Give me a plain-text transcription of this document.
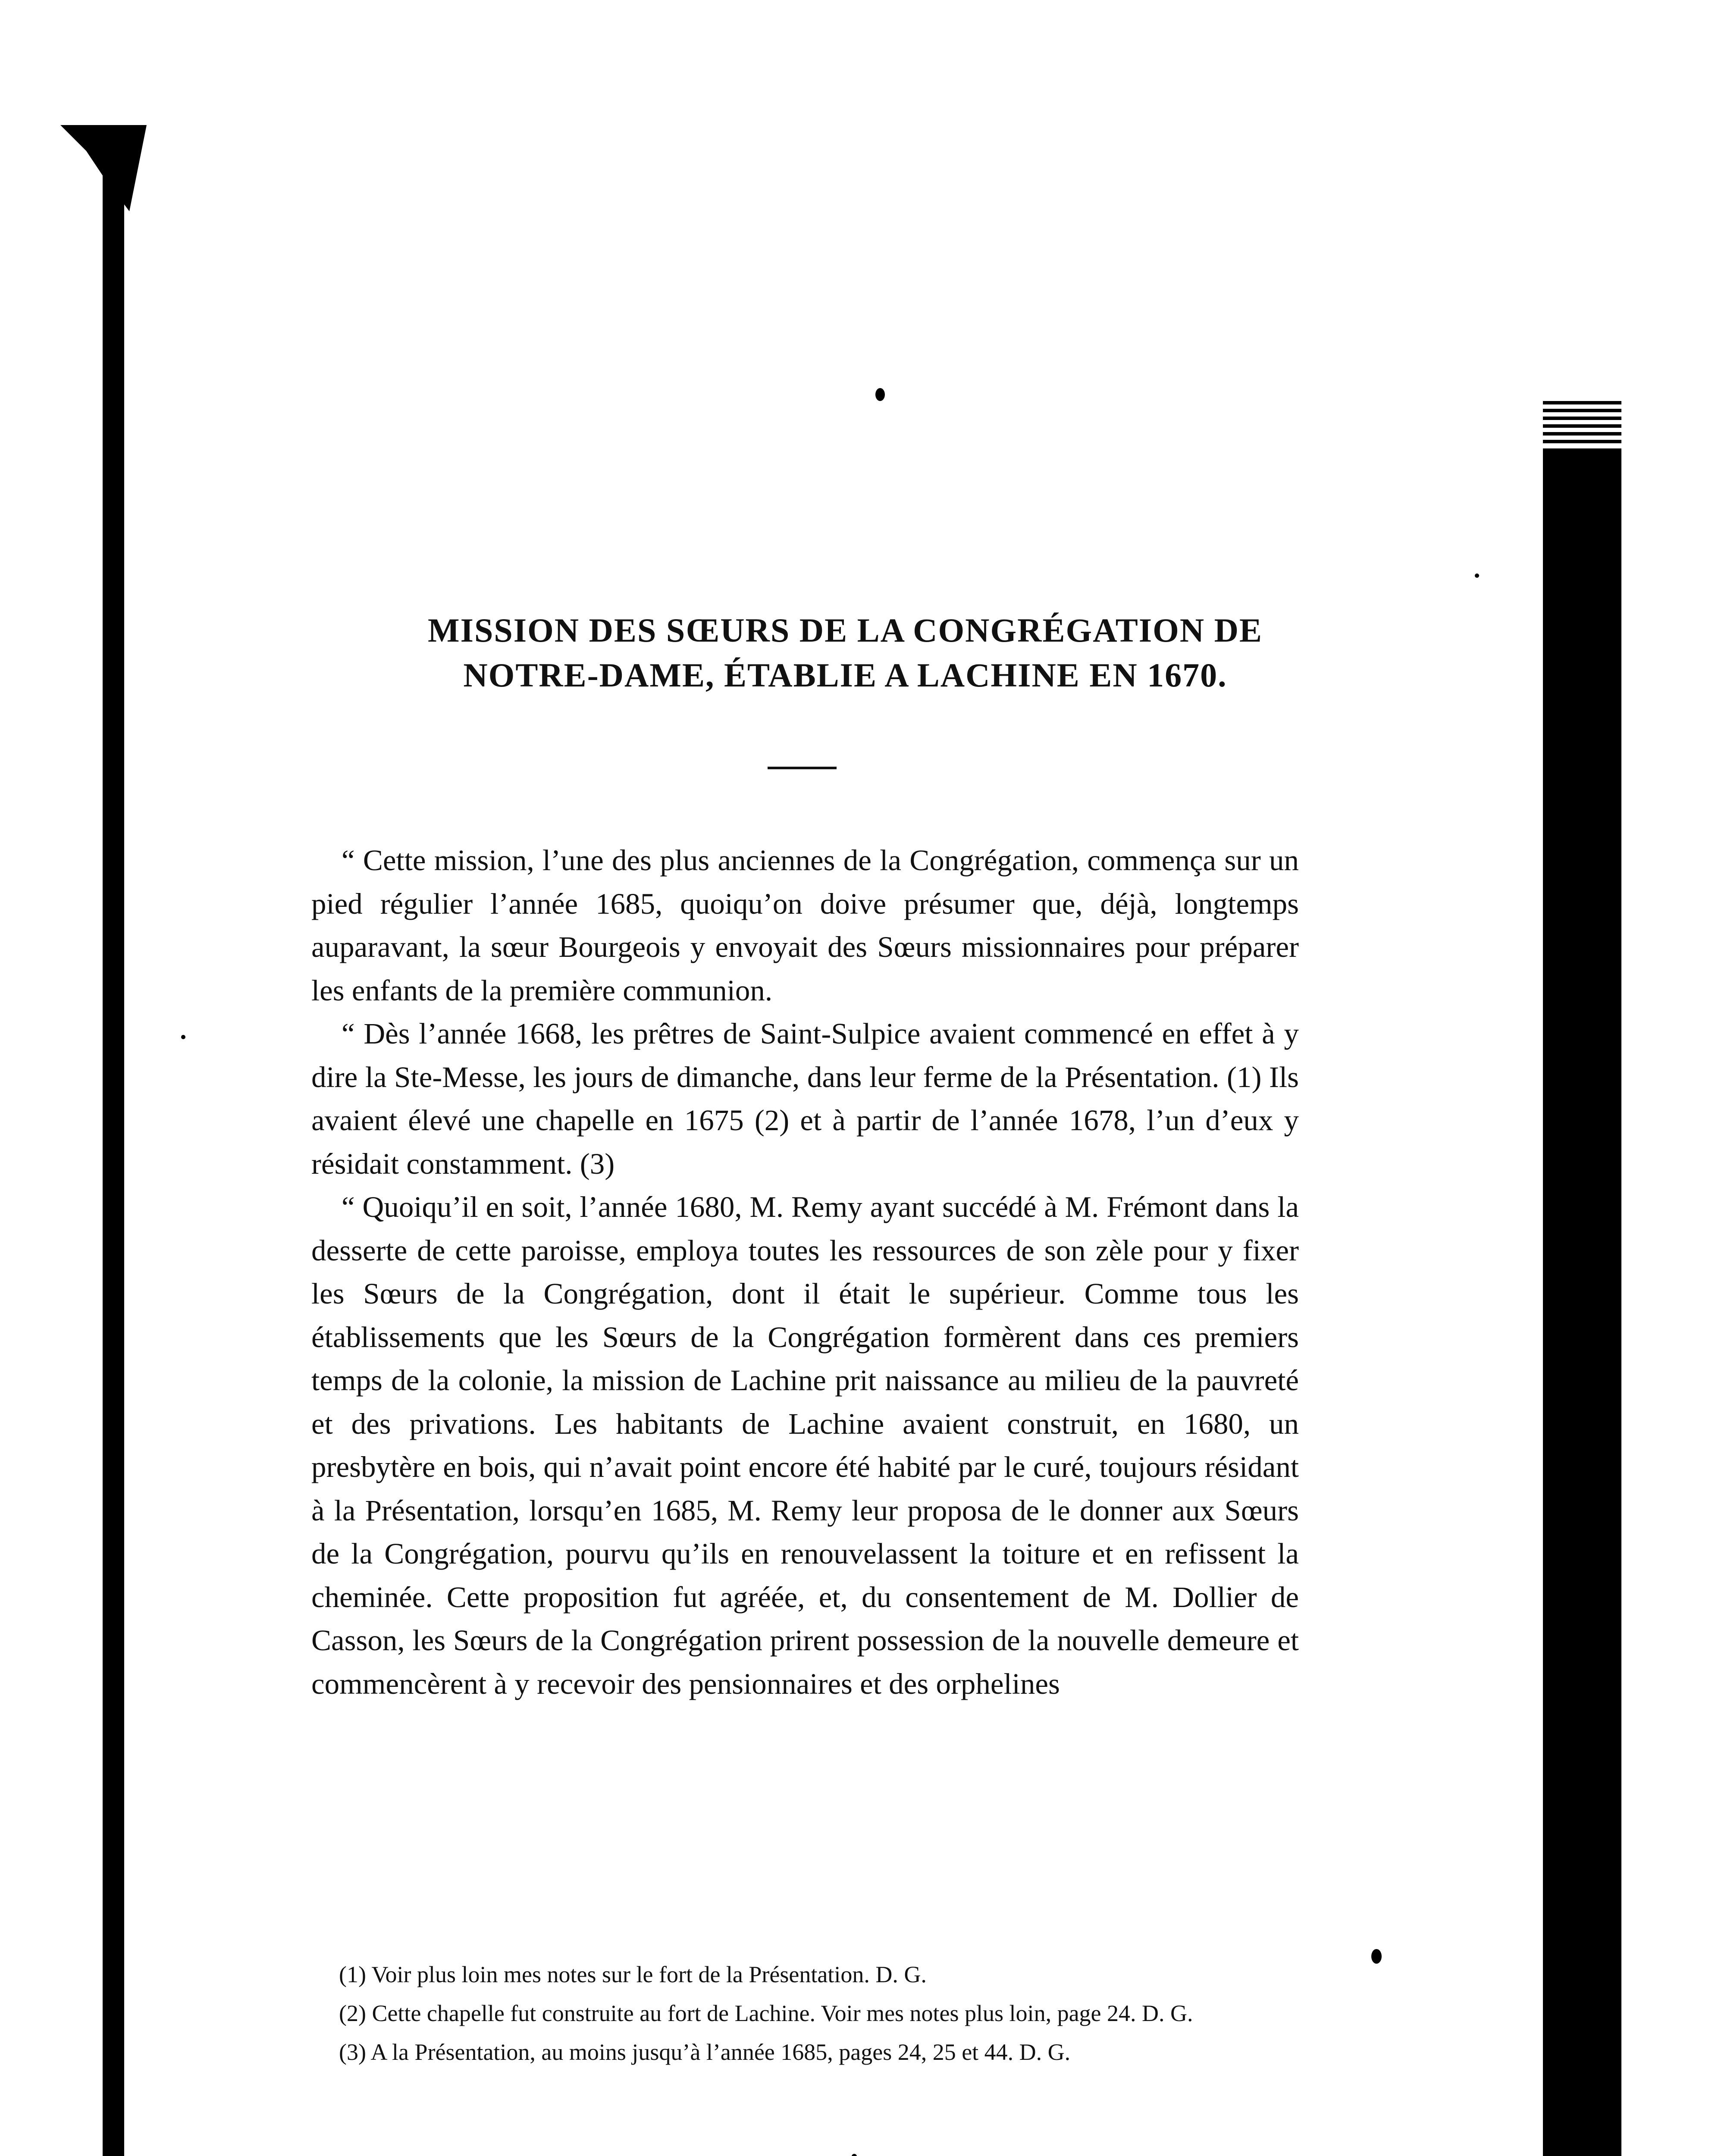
MISSION DES SŒURS DE LA CONGRÉGATION DE
NOTRE-DAME, ÉTABLIE A LACHINE EN 1670.

“ Cette mission, l’une des plus anciennes de la Congrégation, commença sur un pied régulier l’année 1685, quoiqu’on doive présumer que, déjà, longtemps auparavant, la sœur Bourgeois y envoyait des Sœurs missionnaires pour préparer les enfants de la première communion.

“ Dès l’année 1668, les prêtres de Saint-Sulpice avaient commencé en effet à y dire la Ste-Messe, les jours de dimanche, dans leur ferme de la Présentation. (1) Ils avaient élevé une chapelle en 1675 (2) et à partir de l’année 1678, l’un d’eux y résidait constamment. (3)

“ Quoiqu’il en soit, l’année 1680, M. Remy ayant succédé à M. Frémont dans la desserte de cette paroisse, employa toutes les ressources de son zèle pour y fixer les Sœurs de la Congrégation, dont il était le supérieur. Comme tous les établissements que les Sœurs de la Congrégation formèrent dans ces premiers temps de la colonie, la mission de Lachine prit naissance au milieu de la pauvreté et des privations. Les habitants de Lachine avaient construit, en 1680, un presbytère en bois, qui n’avait point encore été habité par le curé, toujours résidant à la Présentation, lorsqu’en 1685, M. Remy leur proposa de le donner aux Sœurs de la Congrégation, pourvu qu’ils en renouvelassent la toiture et en refissent la cheminée. Cette proposition fut agréée, et, du consentement de M. Dollier de Casson, les Sœurs de la Congrégation prirent possession de la nouvelle demeure et commencèrent à y recevoir des pensionnaires et des orphelines

(1) Voir plus loin mes notes sur le fort de la Présentation. D. G.

(2) Cette chapelle fut construite au fort de Lachine. Voir mes notes plus loin, page 24. D. G.

(3) A la Présentation, au moins jusqu’à l’année 1685, pages 24, 25 et 44. D. G.
